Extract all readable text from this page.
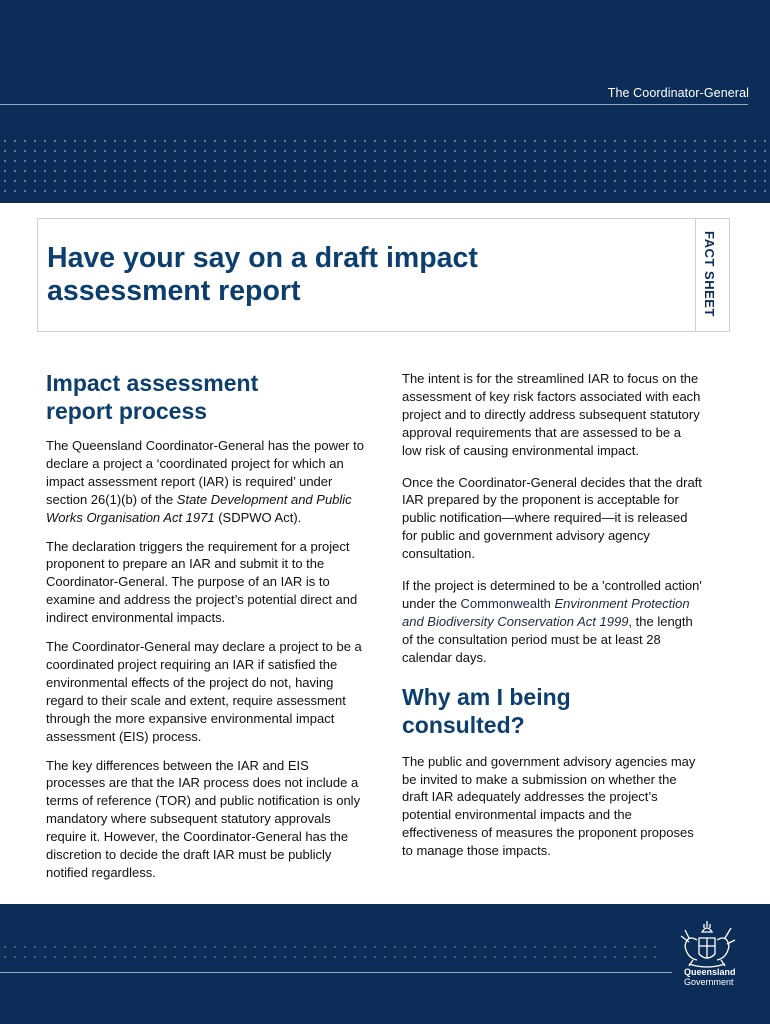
The Coordinator-General
Have your say on a draft impact
assessment report	FACT SHEET
Impact assessment
report process

The Queensland Coordinator-General has the power to declare a project a ‘coordinated project for which an impact assessment report (IAR) is required’ under section 26(1)(b) of the State Development and Public Works Organisation Act 1971 (SDPWO Act).

The declaration triggers the requirement for a project proponent to prepare an IAR and submit it to the Coordinator-General. The purpose of an IAR is to examine and address the project’s potential direct and indirect environmental impacts.

The Coordinator-General may declare a project to be a coordinated project requiring an IAR if satisfied the environmental effects of the project do not, having regard to their scale and extent, require assessment through the more expansive environmental impact assessment (EIS) process.

The key differences between the IAR and EIS processes are that the IAR process does not include a terms of reference (TOR) and public notification is only mandatory where subsequent statutory approvals require it. However, the Coordinator-General has the discretion to decide the draft IAR must be publicly notified regardless.

The intent is for the streamlined IAR to focus on the assessment of key risk factors associated with each project and to directly address subsequent statutory approval requirements that are assessed to be a low risk of causing environmental impact.

Once the Coordinator-General decides that the draft IAR prepared by the proponent is acceptable for public notification—where required—it is released for public and government advisory agency consultation.

If the project is determined to be a 'controlled action' under the Commonwealth Environment Protection and Biodiversity Conservation Act 1999, the length of the consultation period must be at least 28 calendar days.

Why am I being
consulted?

The public and government advisory agencies may be invited to make a submission on whether the draft IAR adequately addresses the project’s potential environmental impacts and the effectiveness of measures the proponent proposes to manage those impacts.

Queensland
Government
